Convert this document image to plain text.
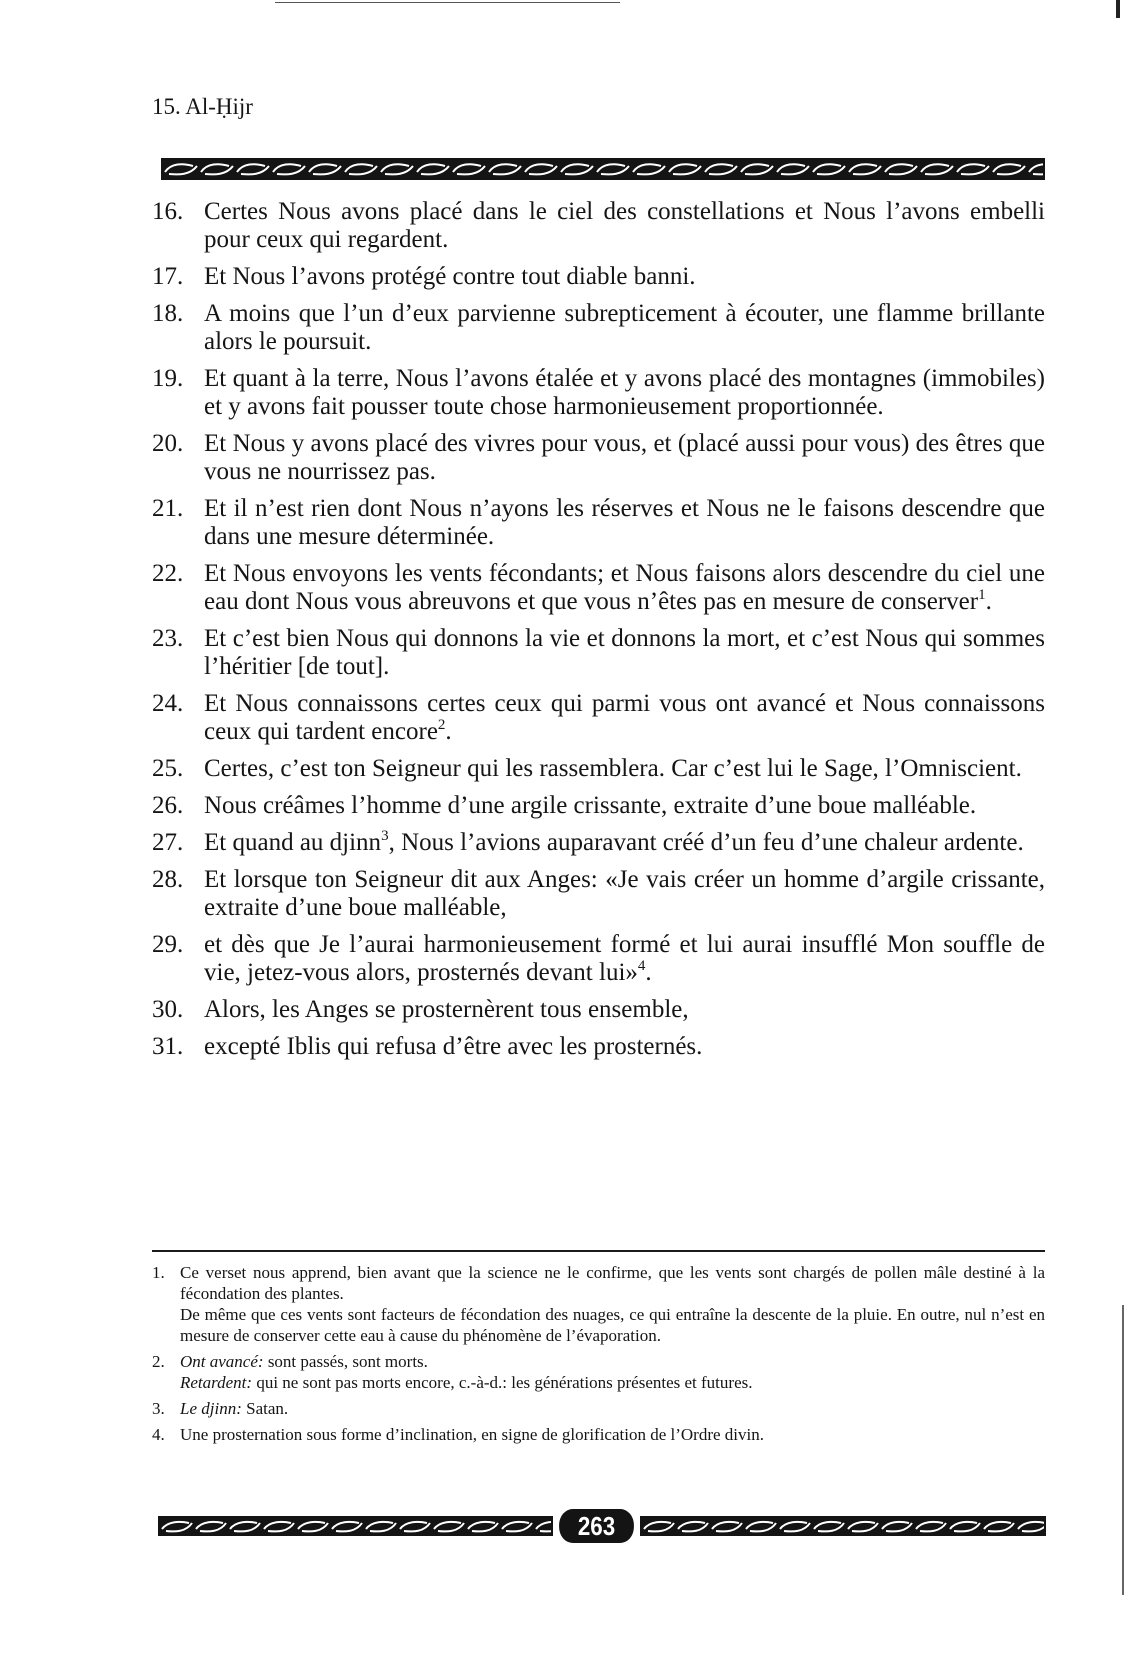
15. Al-Ḥijr
16. Certes Nous avons placé dans le ciel des constellations et Nous l’avons embelli pour ceux qui regardent.
17. Et Nous l’avons protégé contre tout diable banni.
18. A moins que l’un d’eux parvienne subrepticement à écouter, une flamme brillante alors le poursuit.
19. Et quant à la terre, Nous l’avons étalée et y avons placé des montagnes (immobiles) et y avons fait pousser toute chose harmonieusement proportionnée.
20. Et Nous y avons placé des vivres pour vous, et (placé aussi pour vous) des êtres que vous ne nourrissez pas.
21. Et il n’est rien dont Nous n’ayons les réserves et Nous ne le faisons descendre que dans une mesure déterminée.
22. Et Nous envoyons les vents fécondants; et Nous faisons alors descendre du ciel une eau dont Nous vous abreuvons et que vous n’êtes pas en mesure de conserver$^1$.
23. Et c’est bien Nous qui donnons la vie et donnons la mort, et c’est Nous qui sommes l’héritier [de tout].
24. Et Nous connaissons certes ceux qui parmi vous ont avancé et Nous connaissons ceux qui tardent encore$^2$.
25. Certes, c’est ton Seigneur qui les rassemblera. Car c’est lui le Sage, l’Omniscient.
26. Nous créâmes l’homme d’une argile crissante, extraite d’une boue malléable.
27. Et quand au djinn$^3$, Nous l’avions auparavant créé d’un feu d’une chaleur ardente.
28. Et lorsque ton Seigneur dit aux Anges: «Je vais créer un homme d’argile crissante, extraite d’une boue malléable,
29. et dès que Je l’aurai harmonieusement formé et lui aurai insufflé Mon souffle de vie, jetez-vous alors, prosternés devant lui»$^4$.
30. Alors, les Anges se prosternèrent tous ensemble,
31. excepté Iblis qui refusa d’être avec les prosternés.
1. Ce verset nous apprend, bien avant que la science ne le confirme, que les vents sont chargés de pollen mâle destiné à la fécondation des plantes.

De même que ces vents sont facteurs de fécondation des nuages, ce qui entraîne la descente de la pluie. En outre, nul n’est en mesure de conserver cette eau à cause du phénomène de l’évaporation.

2. Ont avancé: sont passés, sont morts.

Retardent: qui ne sont pas morts encore, c.-à-d.: les générations présentes et futures.

3. Le djinn: Satan.

4. Une prosternation sous forme d’inclination, en signe de glorification de l’Ordre divin.

263
